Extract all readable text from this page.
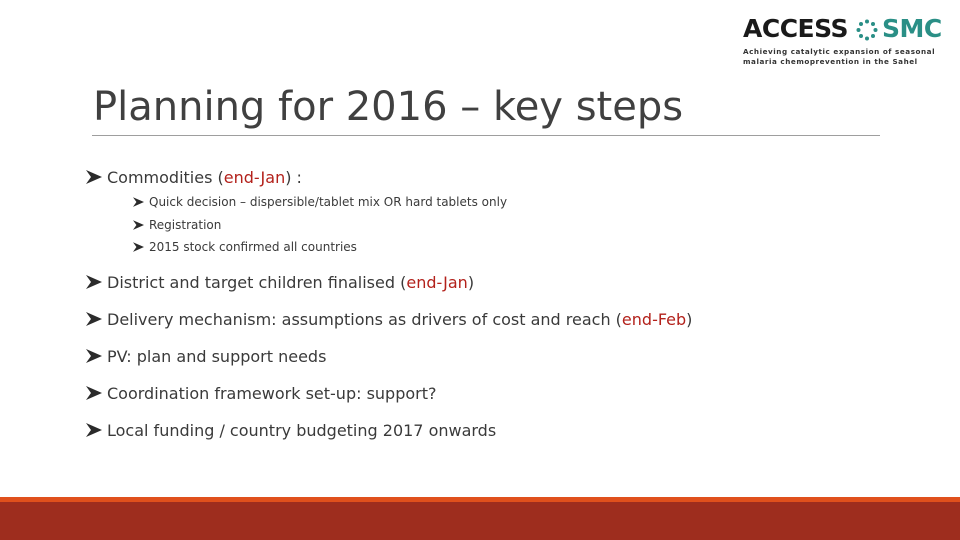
ACCESS SMC
Achieving catalytic expansion of seasonal
malaria chemoprevention in the Sahel
Planning for 2016 – key steps
Commodities (end-Jan) :
Quick decision – dispersible/tablet mix OR hard tablets only
Registration
2015 stock confirmed all countries
District and target children finalised (end-Jan)
Delivery mechanism: assumptions as drivers of cost and reach (end-Feb)
PV: plan and support needs
Coordination framework set-up: support?
Local funding / country budgeting 2017 onwards
